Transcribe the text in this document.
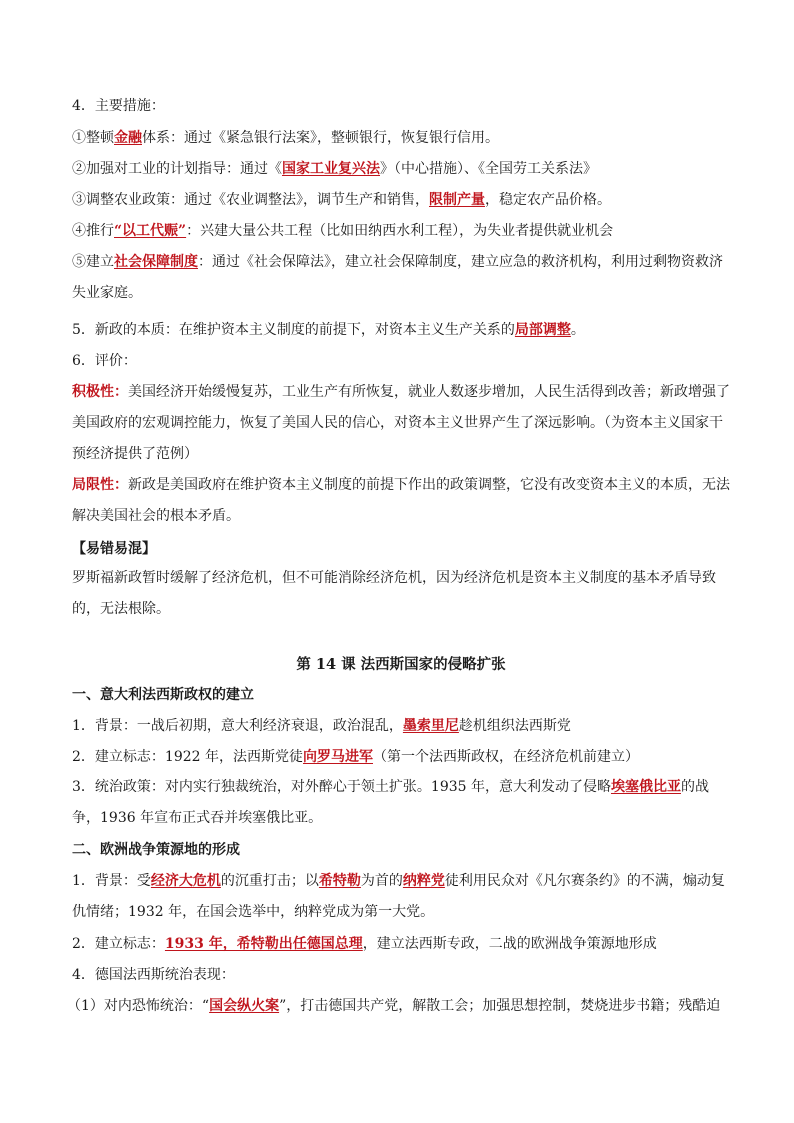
4．主要措施：

①整顿金融体系：通过《紧急银行法案》，整顿银行，恢复银行信用。

②加强对工业的计划指导：通过《国家工业复兴法》（中心措施）、《全国劳工关系法》

③调整农业政策：通过《农业调整法》，调节生产和销售，限制产量，稳定农产品价格。

④推行“以工代赈”：兴建大量公共工程（比如田纳西水利工程），为失业者提供就业机会

⑤建立社会保障制度：通过《社会保障法》，建立社会保障制度，建立应急的救济机构，利用过剩物资救济失业家庭。

5．新政的本质：在维护资本主义制度的前提下，对资本主义生产关系的局部调整。

6．评价：

积极性：美国经济开始缓慢复苏，工业生产有所恢复，就业人数逐步增加，人民生活得到改善；新政增强了美国政府的宏观调控能力，恢复了美国人民的信心，对资本主义世界产生了深远影响。（为资本主义国家干预经济提供了范例）

局限性：新政是美国政府在维护资本主义制度的前提下作出的政策调整，它没有改变资本主义的本质，无法解决美国社会的根本矛盾。

【易错易混】

罗斯福新政暂时缓解了经济危机，但不可能消除经济危机，因为经济危机是资本主义制度的基本矛盾导致的，无法根除。

第 14 课 法西斯国家的侵略扩张

一、意大利法西斯政权的建立

1．背景：一战后初期，意大利经济衰退，政治混乱，墨索里尼趁机组织法西斯党

2．建立标志：1922 年，法西斯党徒向罗马进军（第一个法西斯政权，在经济危机前建立）

3．统治政策：对内实行独裁统治，对外醉心于领土扩张。1935 年，意大利发动了侵略埃塞俄比亚的战争，1936 年宣布正式吞并埃塞俄比亚。

二、欧洲战争策源地的形成

1．背景：受经济大危机的沉重打击；以希特勒为首的纳粹党徒利用民众对《凡尔赛条约》的不满，煽动复仇情绪；1932 年，在国会选举中，纳粹党成为第一大党。

2．建立标志：1933 年，希特勒出任德国总理，建立法西斯专政，二战的欧洲战争策源地形成

4．德国法西斯统治表现：

（1）对内恐怖统治：“国会纵火案”，打击德国共产党，解散工会；加强思想控制，焚烧进步书籍；残酷迫
